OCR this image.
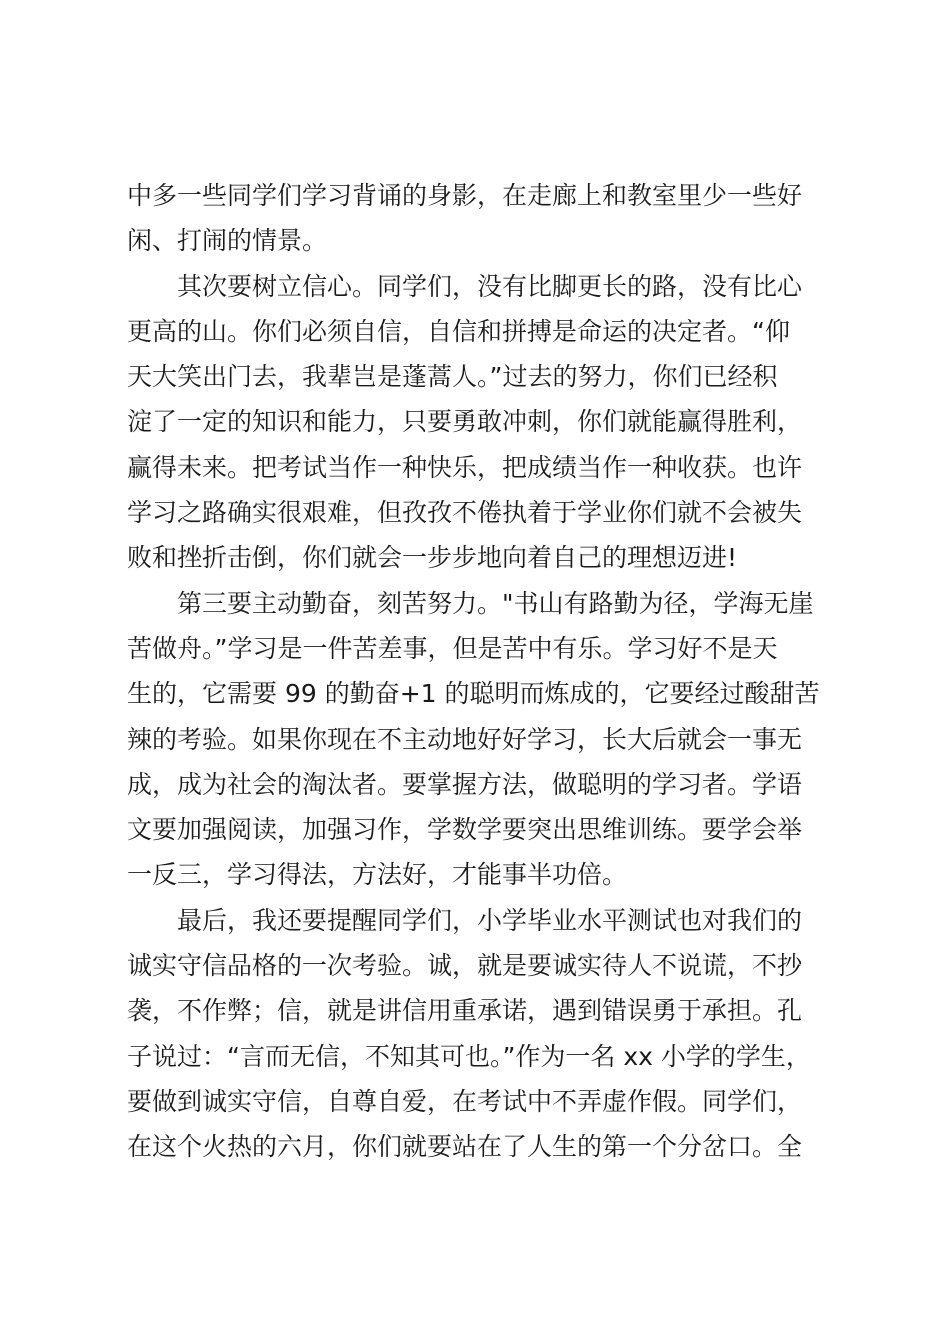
中多一些同学们学习背诵的身影，在走廊上和教室里少一些好
闲、打闹的情景。
其次要树立信心。同学们，没有比脚更长的路，没有比心
更高的山。你们必须自信，自信和拼搏是命运的决定者。“仰
天大笑出门去，我辈岂是蓬蒿人。”过去的努力，你们已经积
淀了一定的知识和能力，只要勇敢冲刺，你们就能赢得胜利，
赢得未来。把考试当作一种快乐，把成绩当作一种收获。也许
学习之路确实很艰难，但孜孜不倦执着于学业你们就不会被失
败和挫折击倒，你们就会一步步地向着自己的理想迈进!
第三要主动勤奋，刻苦努力。"书山有路勤为径，学海无崖
苦做舟。”学习是一件苦差事，但是苦中有乐。学习好不是天
生的，它需要 99 的勤奋+1 的聪明而炼成的，它要经过酸甜苦
辣的考验。如果你现在不主动地好好学习，长大后就会一事无
成，成为社会的淘汰者。要掌握方法，做聪明的学习者。学语
文要加强阅读，加强习作，学数学要突出思维训练。要学会举
一反三，学习得法，方法好，才能事半功倍。
最后，我还要提醒同学们，小学毕业水平测试也对我们的
诚实守信品格的一次考验。诚，就是要诚实待人不说谎，不抄
袭，不作弊；信，就是讲信用重承诺，遇到错误勇于承担。孔
子说过：“言而无信，不知其可也。”作为一名 xx 小学的学生，
要做到诚实守信，自尊自爱，在考试中不弄虚作假。同学们，
在这个火热的六月，你们就要站在了人生的第一个分岔口。全
